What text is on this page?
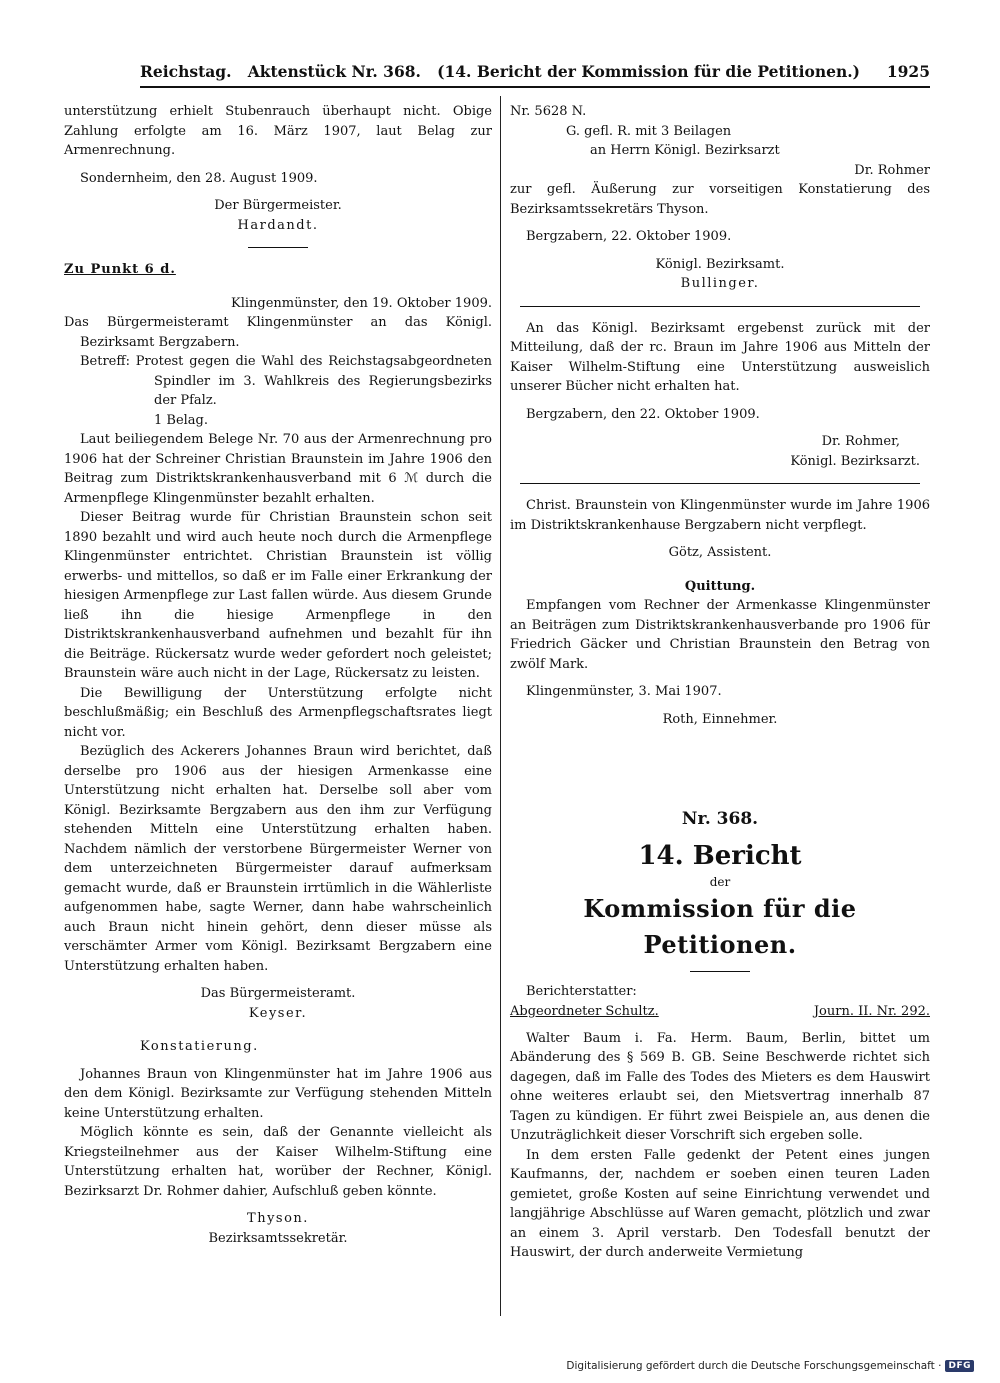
Reichstag.   Aktenstück Nr. 368.   (14. Bericht der Kommission für die Petitionen.) 1925

unterstützung erhielt Stubenrauch überhaupt nicht. Obige Zahlung erfolgte am 16. März 1907, laut Belag zur Armenrechnung.

Sondernheim, den 28. August 1909.

Der Bürgermeister.

Hardandt.

Zu Punkt 6 d.

Klingenmünster, den 19. Oktober 1909.

Das Bürgermeisteramt Klingenmünster an das Königl. Bezirksamt Bergzabern.

Betreff: Protest gegen die Wahl des Reichstagsabgeordneten Spindler im 3. Wahlkreis des Regierungsbezirks der Pfalz.

1 Belag.

Laut beiliegendem Belege Nr. 70 aus der Armenrechnung pro 1906 hat der Schreiner Christian Braunstein im Jahre 1906 den Beitrag zum Distriktskrankenhausverband mit 6 ℳ durch die Armenpflege Klingenmünster bezahlt erhalten.

Dieser Beitrag wurde für Christian Braunstein schon seit 1890 bezahlt und wird auch heute noch durch die Armenpflege Klingenmünster entrichtet. Christian Braunstein ist völlig erwerbs- und mittellos, so daß er im Falle einer Erkrankung der hiesigen Armenpflege zur Last fallen würde. Aus diesem Grunde ließ ihn die hiesige Armenpflege in den Distriktskrankenhausverband aufnehmen und bezahlt für ihn die Beiträge. Rückersatz wurde weder gefordert noch geleistet; Braunstein wäre auch nicht in der Lage, Rückersatz zu leisten.

Die Bewilligung der Unterstützung erfolgte nicht beschlußmäßig; ein Beschluß des Armenpflegschaftsrates liegt nicht vor.

Bezüglich des Ackerers Johannes Braun wird berichtet, daß derselbe pro 1906 aus der hiesigen Armenkasse eine Unterstützung nicht erhalten hat. Derselbe soll aber vom Königl. Bezirksamte Bergzabern aus den ihm zur Verfügung stehenden Mitteln eine Unterstützung erhalten haben. Nachdem nämlich der verstorbene Bürgermeister Werner von dem unterzeichneten Bürgermeister darauf aufmerksam gemacht wurde, daß er Braunstein irrtümlich in die Wählerliste aufgenommen habe, sagte Werner, dann habe wahrscheinlich auch Braun nicht hinein gehört, denn dieser müsse als verschämter Armer vom Königl. Bezirksamt Bergzabern eine Unterstützung erhalten haben.

Das Bürgermeisteramt.

Keyser.

Konstatierung.

Johannes Braun von Klingenmünster hat im Jahre 1906 aus den dem Königl. Bezirksamte zur Verfügung stehenden Mitteln keine Unterstützung erhalten.

Möglich könnte es sein, daß der Genannte vielleicht als Kriegsteilnehmer aus der Kaiser Wilhelm-Stiftung eine Unterstützung erhalten hat, worüber der Rechner, Königl. Bezirksarzt Dr. Rohmer dahier, Aufschluß geben könnte.

Thyson.

Bezirksamtssekretär.

Nr. 5628 N.

G. gefl. R. mit 3 Beilagen

an Herrn Königl. Bezirksarzt

Dr. Rohmer

zur gefl. Äußerung zur vorseitigen Konstatierung des Bezirksamtssekretärs Thyson.

Bergzabern, 22. Oktober 1909.

Königl. Bezirksamt.

Bullinger.

An das Königl. Bezirksamt ergebenst zurück mit der Mitteilung, daß der rc. Braun im Jahre 1906 aus Mitteln der Kaiser Wilhelm-Stiftung eine Unterstützung ausweislich unserer Bücher nicht erhalten hat.

Bergzabern, den 22. Oktober 1909.

Dr. Rohmer,

Königl. Bezirksarzt.

Christ. Braunstein von Klingenmünster wurde im Jahre 1906 im Distriktskrankenhause Bergzabern nicht verpflegt.

Götz, Assistent.

Quittung.

Empfangen vom Rechner der Armenkasse Klingenmünster an Beiträgen zum Distriktskrankenhausverbande pro 1906 für Friedrich Gäcker und Christian Braunstein den Betrag von zwölf Mark.

Klingenmünster, 3. Mai 1907.

Roth, Einnehmer.

Nr. 368.

14. Bericht

der

Kommission für die Petitionen.

Berichterstatter:

Abgeordneter Schultz.	Journ. II. Nr. 292.

Walter Baum i. Fa. Herm. Baum, Berlin, bittet um Abänderung des § 569 B. GB. Seine Beschwerde richtet sich dagegen, daß im Falle des Todes des Mieters es dem Hauswirt ohne weiteres erlaubt sei, den Mietsvertrag innerhalb 87 Tagen zu kündigen. Er führt zwei Beispiele an, aus denen die Unzuträglichkeit dieser Vorschrift sich ergeben solle.

In dem ersten Falle gedenkt der Petent eines jungen Kaufmanns, der, nachdem er soeben einen teuren Laden gemietet, große Kosten auf seine Einrichtung verwendet und langjährige Abschlüsse auf Waren gemacht, plötzlich und zwar an einem 3. April verstarb. Den Todesfall benutzt der Hauswirt, der durch anderweite Vermietung

Digitalisierung gefördert durch die Deutsche Forschungsgemeinschaft · DFG
